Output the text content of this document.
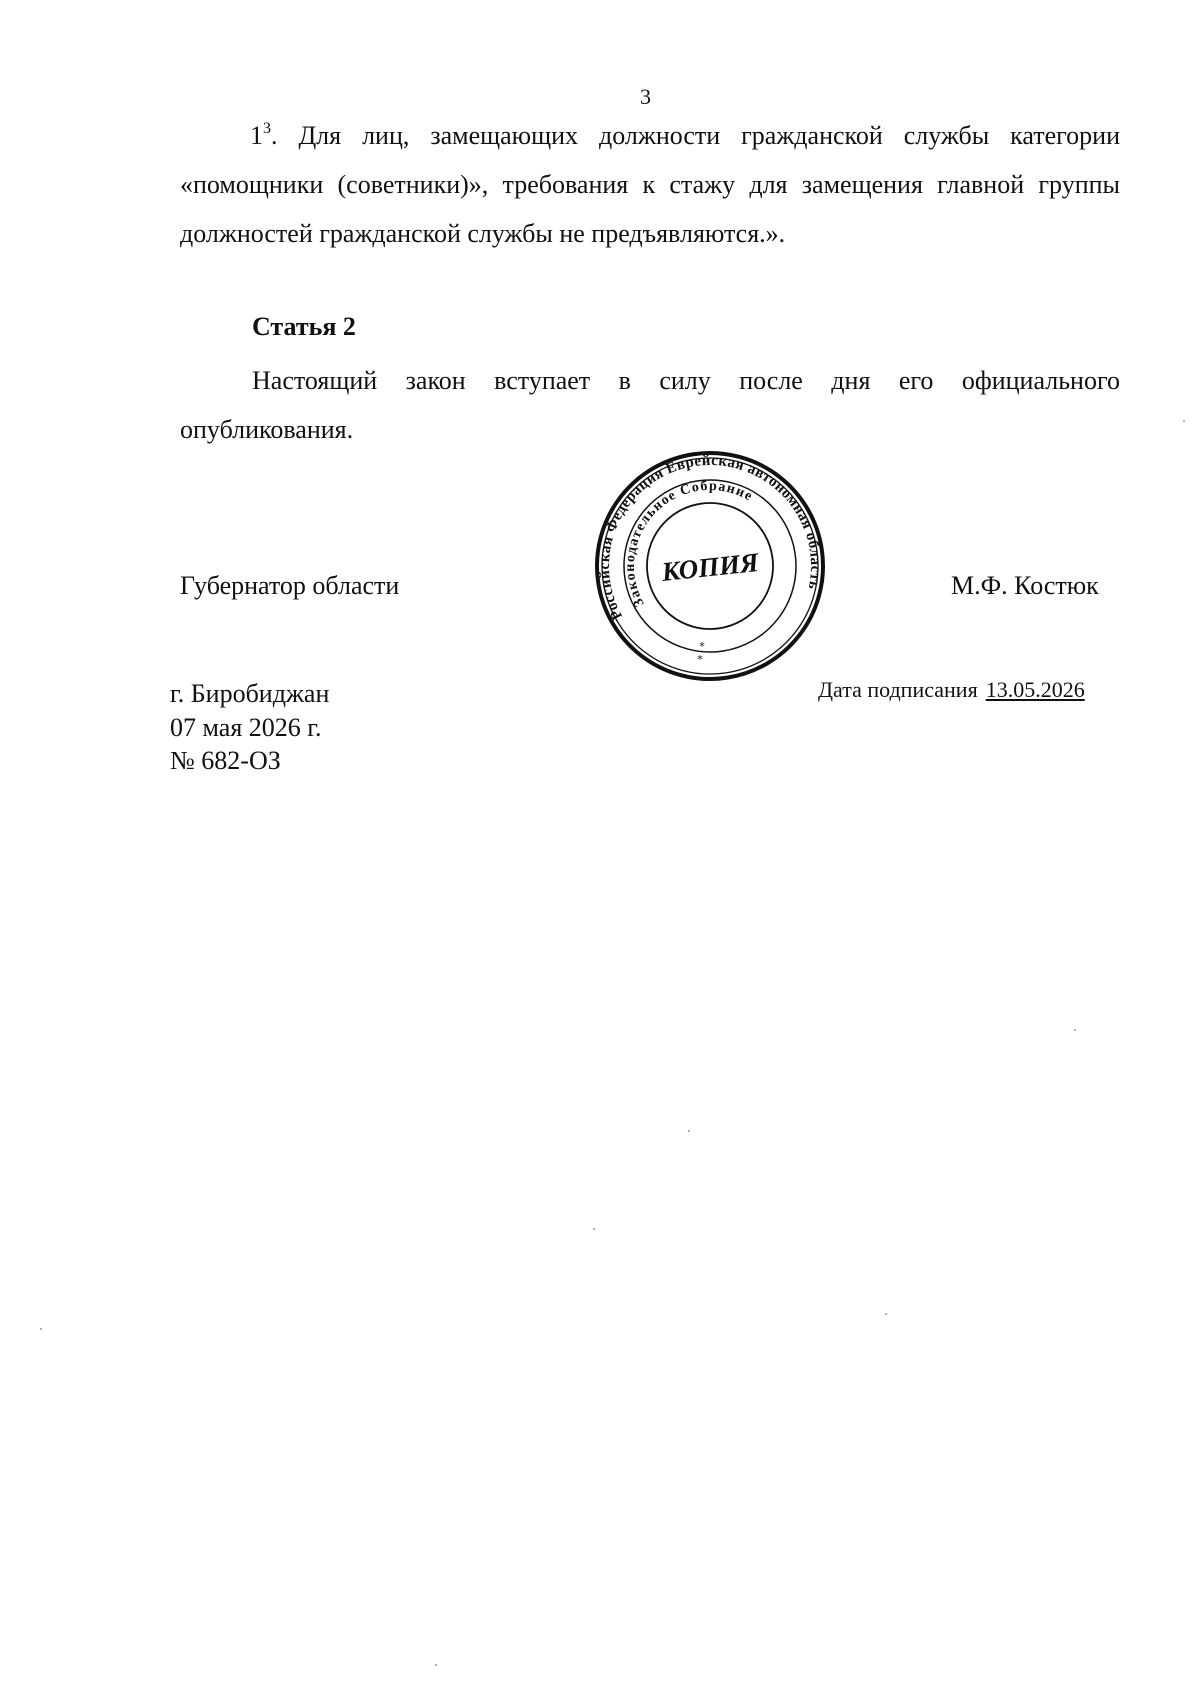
3
$1^3$. Для лиц, замещающих должности гражданской службы категории «помощники (советники)», требования к стажу для замещения главной группы должностей гражданской службы не предъявляются.».
Статья 2
Настоящий закон вступает в силу после дня его официального опубликования.
Губернатор области	М.Ф. Костюк
Российская Федерация Еврейская автономная область
Законодательное Собрание
КОПИЯ
*
*
Дата подписания 13.05.2026
г. Биробиджан
07 мая 2026 г.
№ 682-ОЗ
